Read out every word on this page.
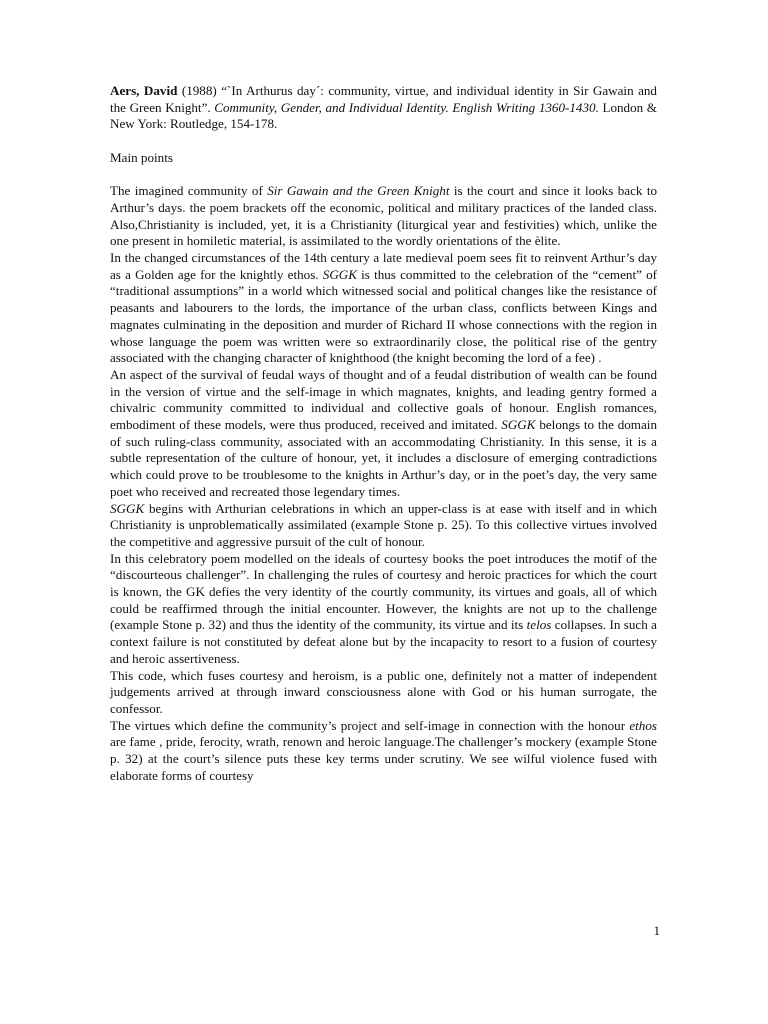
Aers, David (1988) “`In Arthurus day´: community, virtue, and individual identity in Sir Gawain and the Green Knight”. Community, Gender, and Individual Identity. English Writing 1360-1430. London & New York: Routledge, 154-178.

Main points

The imagined community of Sir Gawain and the Green Knight is the court and since it looks back to Arthur’s days. the poem brackets off the economic, political and military practices of the landed class. Also,Christianity is included, yet, it is a Christianity (liturgical year and festivities) which, unlike the one present in homiletic material, is assimilated to the wordly orientations of the èlite.

In the changed circumstances of the 14th century a late medieval poem sees fit to reinvent Arthur’s day as a Golden age for the knightly ethos. SGGK is thus committed to the celebration of the “cement” of “traditional assumptions” in a world which witnessed social and political changes like the resistance of peasants and labourers to the lords, the importance of the urban class, conflicts between Kings and magnates culminating in the deposition and murder of Richard II whose connections with the region in whose language the poem was written were so extraordinarily close, the political rise of the gentry associated with the changing character of knighthood (the knight becoming the lord of a fee) .

An aspect of the survival of feudal ways of thought and of a feudal distribution of wealth can be found in the version of virtue and the self-image in which magnates, knights, and leading gentry formed a chivalric community committed to individual and collective goals of honour. English romances, embodiment of these models, were thus produced, received and imitated. SGGK belongs to the domain of such ruling-class community, associated with an accommodating Christianity. In this sense, it is a subtle representation of the culture of honour, yet, it includes a disclosure of emerging contradictions which could prove to be troublesome to the knights in Arthur’s day, or in the poet’s day, the very same poet who received and recreated those legendary times.

SGGK begins with Arthurian celebrations in which an upper-class is at ease with itself and in which Christianity is unproblematically assimilated (example Stone p. 25). To this collective virtues involved the competitive and aggressive pursuit of the cult of honour.

In this celebratory poem modelled on the ideals of courtesy books the poet introduces the motif of the “discourteous challenger”. In challenging the rules of courtesy and heroic practices for which the court is known, the GK defies the very identity of the courtly community, its virtues and goals, all of which could be reaffirmed through the initial encounter. However, the knights are not up to the challenge (example Stone p. 32) and thus the identity of the community, its virtue and its telos collapses. In such a context failure is not constituted by defeat alone but by the incapacity to resort to a fusion of courtesy and heroic assertiveness.

This code, which fuses courtesy and heroism, is a public one, definitely not a matter of independent judgements arrived at through inward consciousness alone with God or his human surrogate, the confessor.

The virtues which define the community’s project and self-image in connection with the honour ethos are fame , pride, ferocity, wrath, renown and heroic language.The challenger’s mockery (example Stone p. 32) at the court’s silence puts these key terms under scrutiny. We see wilful violence fused with elaborate forms of courtesy

1
